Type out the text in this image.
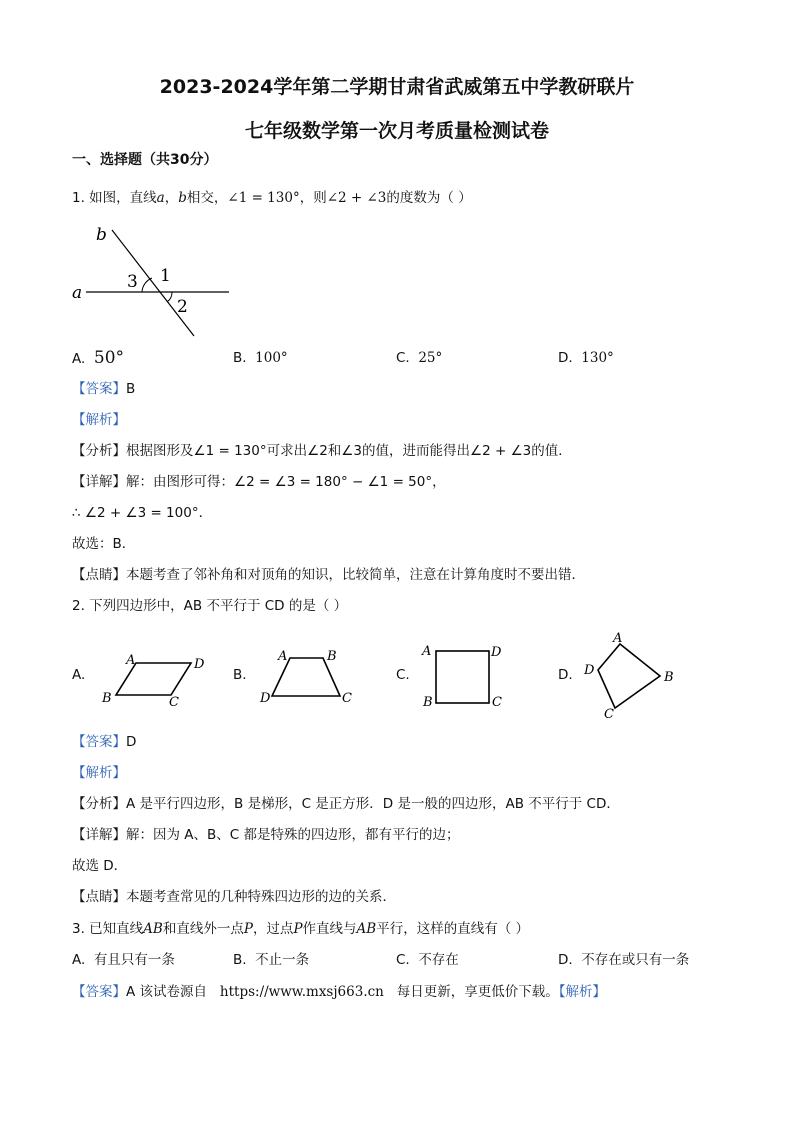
2023-2024学年第二学期甘肃省武威第五中学教研联片
七年级数学第一次月考质量检测试卷
一、选择题（共30分）
1. 如图，直线a，b相交，∠1 = 130°，则∠2 + ∠3的度数为（ ）
a
b
1
2
3
A. 50°	B. 100°	C. 25°	D. 130°
【答案】B
【解析】
【分析】根据图形及∠1 = 130°可求出∠2和∠3的值，进而能得出∠2 + ∠3的值．
【详解】解：由图形可得：∠2 = ∠3 = 180° − ∠1 = 50°，
∴ ∠2 + ∠3 = 100°．
故选：B．
【点睛】本题考查了邻补角和对顶角的知识，比较简单，注意在计算角度时不要出错．
2. 下列四边形中，AB 不平行于 CD 的是（ ）
A.
A	D
B	C
B.
A	B
D	C
C.
A	D
B	C
D.
A
B
C
D
【答案】D
【解析】
【分析】A 是平行四边形，B 是梯形，C 是正方形．D 是一般的四边形，AB 不平行于 CD．
【详解】解：因为 A、B、C 都是特殊的四边形，都有平行的边；
故选 D．
【点睛】本题考查常见的几种特殊四边形的边的关系．
3. 已知直线AB和直线外一点P，过点P作直线与AB平行，这样的直线有（ ）
A. 有且只有一条	B. 不止一条	C. 不存在	D. 不存在或只有一条
【答案】A 该试卷源自 https://www.mxsj663.cn 每日更新，享更低价下载。【解析】
